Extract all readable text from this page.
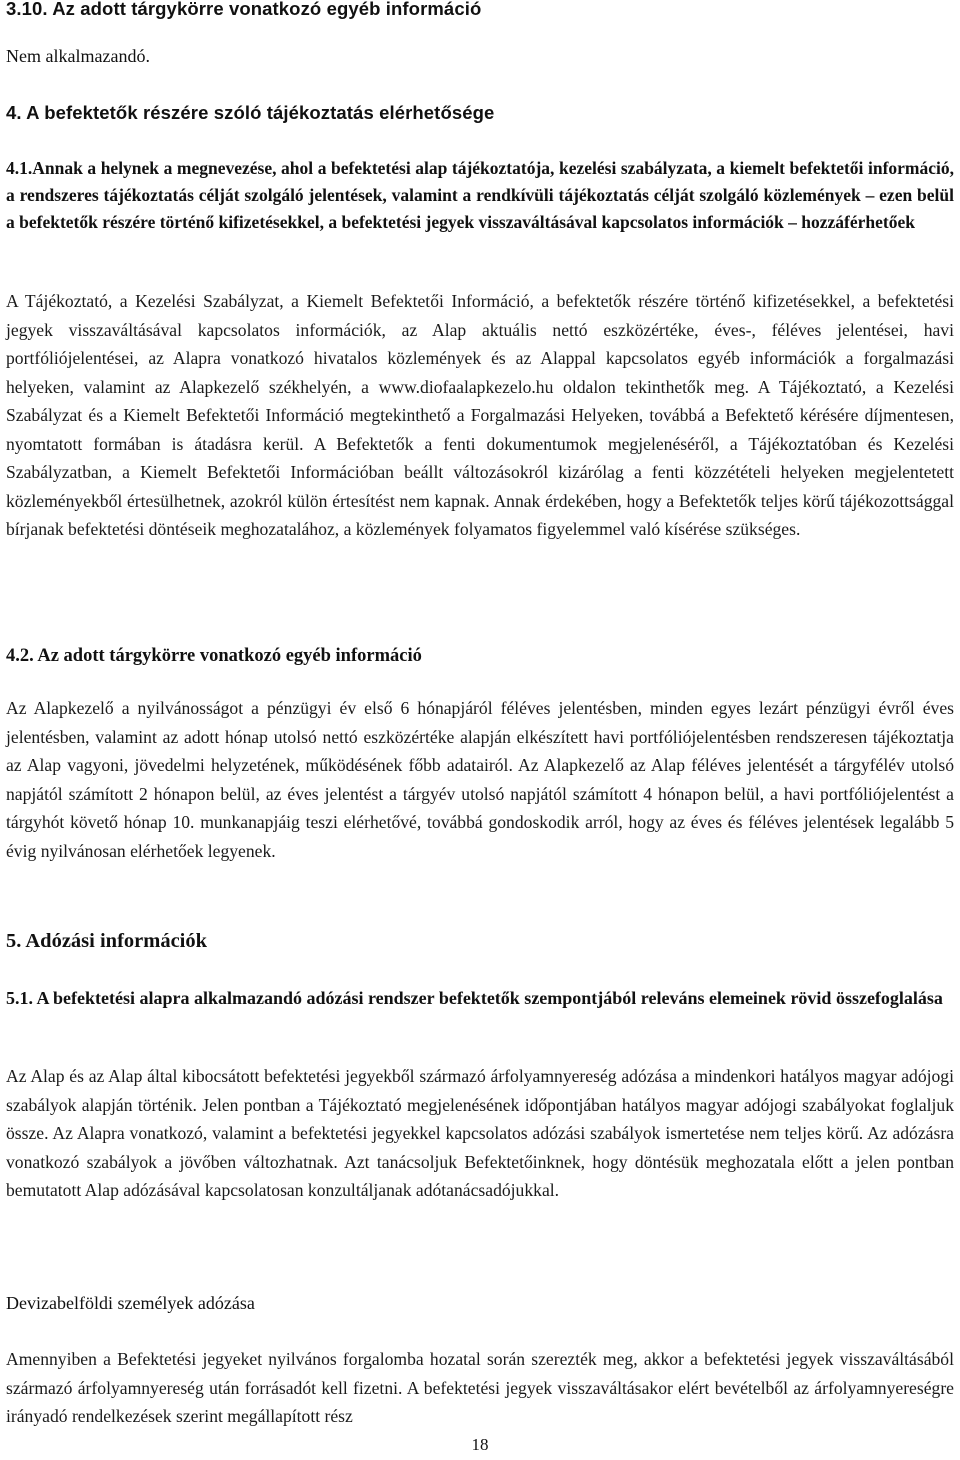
3.10. Az adott tárgykörre vonatkozó egyéb információ

Nem alkalmazandó.

4. A befektetők részére szóló tájékoztatás elérhetősége

4.1.Annak a helynek a megnevezése, ahol a befektetési alap tájékoztatója, kezelési szabályzata, a kiemelt befektetői információ, a rendszeres tájékoztatás célját szolgáló jelentések, valamint a rendkívüli tájékoztatás célját szolgáló közlemények – ezen belül a befektetők részére történő kifizetésekkel, a befektetési jegyek visszaváltásával kapcsolatos információk – hozzáférhetőek

A Tájékoztató, a Kezelési Szabályzat, a Kiemelt Befektetői Információ, a befektetők részére történő kifizetésekkel, a befektetési jegyek visszaváltásával kapcsolatos információk, az Alap aktuális nettó eszközértéke, éves-, féléves jelentései, havi portfóliójelentései, az Alapra vonatkozó hivatalos közlemények és az Alappal kapcsolatos egyéb információk a forgalmazási helyeken, valamint az Alapkezelő székhelyén, a www.diofaalapkezelo.hu oldalon tekinthetők meg. A Tájékoztató, a Kezelési Szabályzat és a Kiemelt Befektetői Információ megtekinthető a Forgalmazási Helyeken, továbbá a Befektető kérésére díjmentesen, nyomtatott formában is átadásra kerül. A Befektetők a fenti dokumentumok megjelenéséről, a Tájékoztatóban és Kezelési Szabályzatban, a Kiemelt Befektetői Információban beállt változásokról kizárólag a fenti közzétételi helyeken megjelentetett közleményekből értesülhetnek, azokról külön értesítést nem kapnak. Annak érdekében, hogy a Befektetők teljes körű tájékozottsággal bírjanak befektetési döntéseik meghozatalához, a közlemények folyamatos figyelemmel való kísérése szükséges.

4.2. Az adott tárgykörre vonatkozó egyéb információ

Az Alapkezelő a nyilvánosságot a pénzügyi év első 6 hónapjáról féléves jelentésben, minden egyes lezárt pénzügyi évről éves jelentésben, valamint az adott hónap utolsó nettó eszközértéke alapján elkészített havi portfóliójelentésben rendszeresen tájékoztatja az Alap vagyoni, jövedelmi helyzetének, működésének főbb adatairól. Az Alapkezelő az Alap féléves jelentését a tárgyfélév utolsó napjától számított 2 hónapon belül, az éves jelentést a tárgyév utolsó napjától számított 4 hónapon belül, a havi portfóliójelentést a tárgyhót követő hónap 10. munkanapjáig teszi elérhetővé, továbbá gondoskodik arról, hogy az éves és féléves jelentések legalább 5 évig nyilvánosan elérhetőek legyenek.

5. Adózási információk

5.1. A befektetési alapra alkalmazandó adózási rendszer befektetők szempontjából releváns elemeinek rövid összefoglalása

Az Alap és az Alap által kibocsátott befektetési jegyekből származó árfolyamnyereség adózása a mindenkori hatályos magyar adójogi szabályok alapján történik. Jelen pontban a Tájékoztató megjelenésének időpontjában hatályos magyar adójogi szabályokat foglaljuk össze. Az Alapra vonatkozó, valamint a befektetési jegyekkel kapcsolatos adózási szabályok ismertetése nem teljes körű. Az adózásra vonatkozó szabályok a jövőben változhatnak. Azt tanácsoljuk Befektetőinknek, hogy döntésük meghozatala előtt a jelen pontban bemutatott Alap adózásával kapcsolatosan konzultáljanak adótanácsadójukkal.

Devizabelföldi személyek adózása

Amennyiben a Befektetési jegyeket nyilvános forgalomba hozatal során szerezték meg, akkor a befektetési jegyek visszaváltásából származó árfolyamnyereség után forrásadót kell fizetni. A befektetési jegyek visszaváltásakor elért bevételből az árfolyamnyereségre irányadó rendelkezések szerint megállapított rész

18
